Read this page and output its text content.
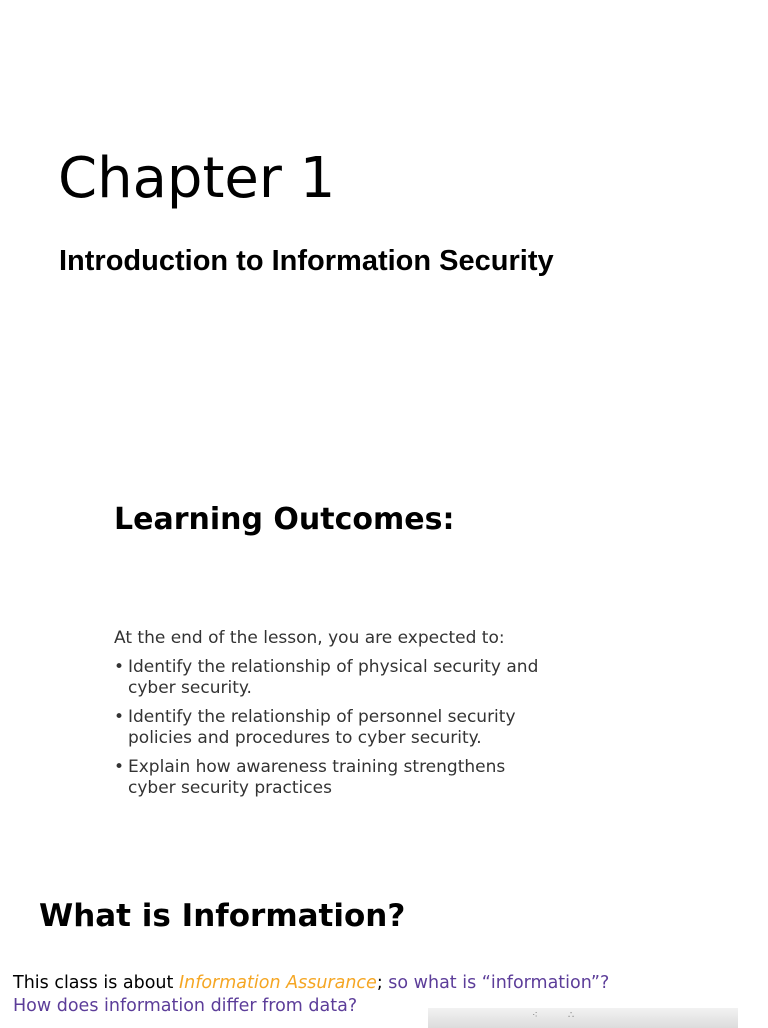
Chapter 1
Introduction to Information Security
Learning Outcomes:

At the end of the lesson, you are expected to:

• Identify the relationship of physical security and
cyber security.
• Identify the relationship of personnel security
policies and procedures to cyber security.
• Explain how awareness training strengthens
cyber security practices
What is Information?

This class is about Information Assurance; so what is “information”?
How does information differ from data?	⁖	∴
